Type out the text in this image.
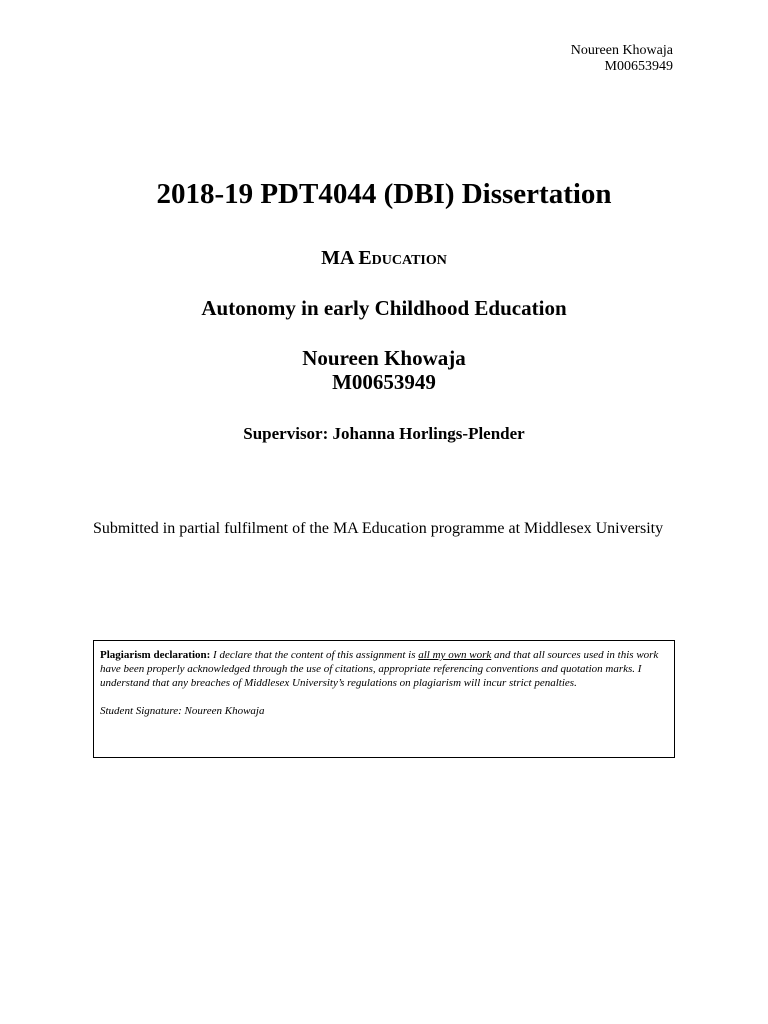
Noureen Khowaja
M00653949
2018-19 PDT4044 (DBI) Dissertation
MA Education
Autonomy in early Childhood Education
Noureen Khowaja
M00653949
Supervisor: Johanna Horlings-Plender
Submitted in partial fulfilment of the MA Education programme at Middlesex University

Plagiarism declaration: I declare that the content of this assignment is all my own work and that all sources used in this work have been properly acknowledged through the use of citations, appropriate referencing conventions and quotation marks. I understand that any breaches of Middlesex University’s regulations on plagiarism will incur strict penalties.

Student Signature: Noureen Khowaja
